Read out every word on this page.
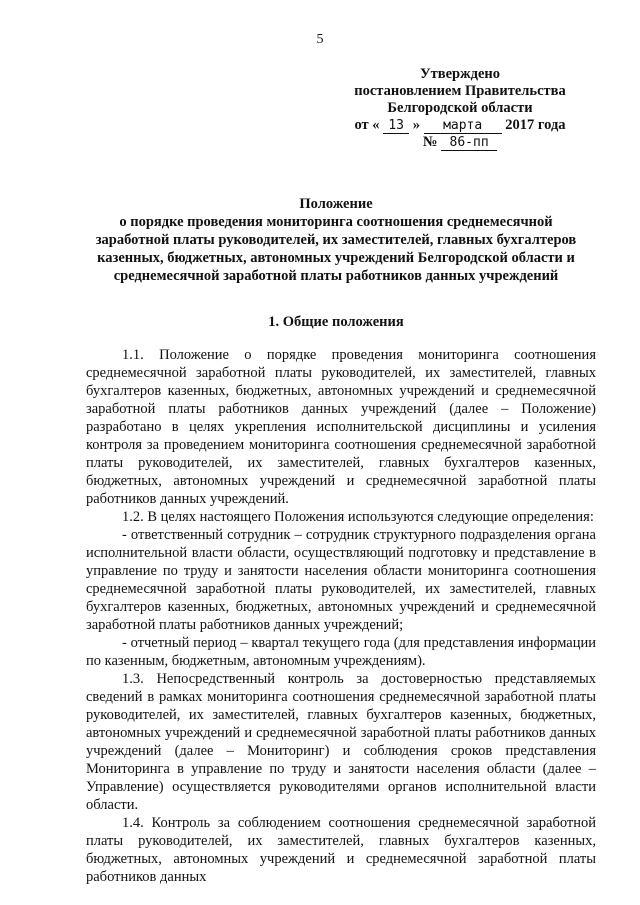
5
Утверждено
постановлением Правительства
Белгородской области
от « 13 » марта 2017 года
№ 86-пп
Положение
о порядке проведения мониторинга соотношения среднемесячной заработной платы руководителей, их заместителей, главных бухгалтеров казенных, бюджетных, автономных учреждений Белгородской области и среднемесячной заработной платы работников данных учреждений
1. Общие положения

1.1. Положение о порядке проведения мониторинга соотношения среднемесячной заработной платы руководителей, их заместителей, главных бухгалтеров казенных, бюджетных, автономных учреждений и среднемесячной заработной платы работников данных учреждений (далее – Положение) разработано в целях укрепления исполнительской дисциплины и усиления контроля за проведением мониторинга соотношения среднемесячной заработной платы руководителей, их заместителей, главных бухгалтеров казенных, бюджетных, автономных учреждений и среднемесячной заработной платы работников данных учреждений.

1.2. В целях настоящего Положения используются следующие определения:

- ответственный сотрудник – сотрудник структурного подразделения органа исполнительной власти области, осуществляющий подготовку и представление в управление по труду и занятости населения области мониторинга соотношения среднемесячной заработной платы руководителей, их заместителей, главных бухгалтеров казенных, бюджетных, автономных учреждений и среднемесячной заработной платы работников данных учреждений;

- отчетный период – квартал текущего года (для представления информации по казенным, бюджетным, автономным учреждениям).

1.3. Непосредственный контроль за достоверностью представляемых сведений в рамках мониторинга соотношения среднемесячной заработной платы руководителей, их заместителей, главных бухгалтеров казенных, бюджетных, автономных учреждений и среднемесячной заработной платы работников данных учреждений (далее – Мониторинг) и соблюдения сроков представления Мониторинга в управление по труду и занятости населения области (далее – Управление) осуществляется руководителями органов исполнительной власти области.

1.4. Контроль за соблюдением соотношения среднемесячной заработной платы руководителей, их заместителей, главных бухгалтеров казенных, бюджетных, автономных учреждений и среднемесячной заработной платы работников данных
